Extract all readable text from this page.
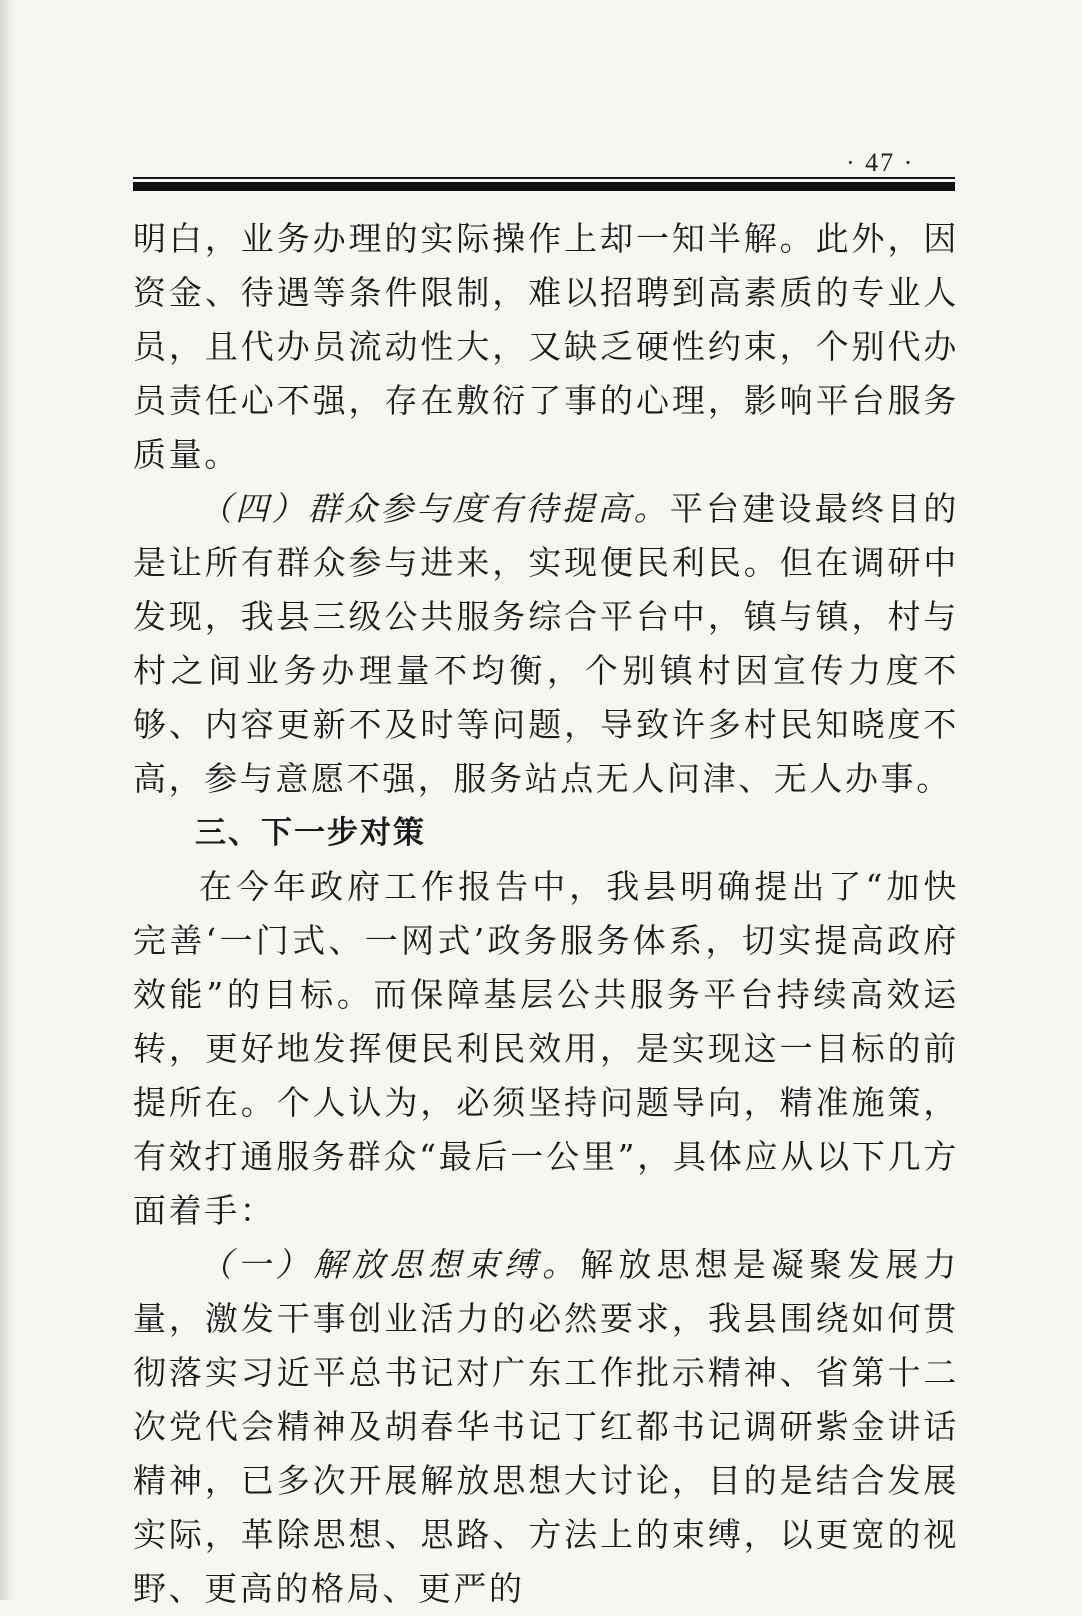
· 47 ·

明白，业务办理的实际操作上却一知半解。此外，因资金、待遇等条件限制，难以招聘到高素质的专业人员，且代办员流动性大，又缺乏硬性约束，个别代办员责任心不强，存在敷衍了事的心理，影响平台服务质量。

（四）群众参与度有待提高。平台建设最终目的是让所有群众参与进来，实现便民利民。但在调研中发现，我县三级公共服务综合平台中，镇与镇，村与村之间业务办理量不均衡，个别镇村因宣传力度不够、内容更新不及时等问题，导致许多村民知晓度不高，参与意愿不强，服务站点无人问津、无人办事。

三、下一步对策

在今年政府工作报告中，我县明确提出了“加快完善‘一门式、一网式’政务服务体系，切实提高政府效能”的目标。而保障基层公共服务平台持续高效运转，更好地发挥便民利民效用，是实现这一目标的前提所在。个人认为，必须坚持问题导向，精准施策，有效打通服务群众“最后一公里”，具体应从以下几方面着手：

（一）解放思想束缚。解放思想是凝聚发展力量，激发干事创业活力的必然要求，我县围绕如何贯彻落实习近平总书记对广东工作批示精神、省第十二次党代会精神及胡春华书记丁红都书记调研紫金讲话精神，已多次开展解放思想大讨论，目的是结合发展实际，革除思想、思路、方法上的束缚，以更宽的视野、更高的格局、更严的
